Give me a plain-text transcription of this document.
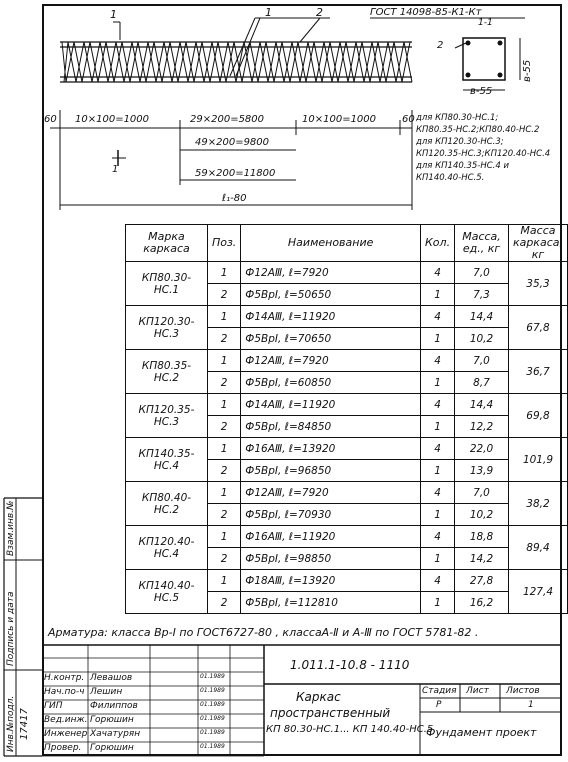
1	1	2	ГОСТ 14098-85-К1-Кт
1-1
2
в-55
в-55
60 10×100=1000	29×200=5800	10×100=1000	60
49×200=9800
59×200=11800
ℓ₁-80
1
для КП80.30-НС.1;
КП80.35-НС.2;КП80.40-НС.2
для КП120.30-НС.3;
КП120.35-НС.3;КП120.40-НС.4
для КП140.35-НС.4 и
КП140.40-НС.5.
Марка каркаса	Поз.	Наименование	Кол.	Масса, ед., кг	Масса каркаса, кг
КП80.30-НС.1	1	Ф12АⅢ, ℓ=7920	4	7,0	35,3
	2	Ф5ВрⅠ, ℓ=50650	1	7,3	
КП120.30-НС.3	1	Ф14АⅢ, ℓ=11920	4	14,4	67,8
	2	Ф5ВрⅠ, ℓ=70650	1	10,2	
КП80.35-НС.2	1	Ф12АⅢ, ℓ=7920	4	7,0	36,7
	2	Ф5ВрⅠ, ℓ=60850	1	8,7	
КП120.35-НС.3	1	Ф14АⅢ, ℓ=11920	4	14,4	69,8
	2	Ф5ВрⅠ, ℓ=84850	1	12,2	
КП140.35-НС.4	1	Ф16АⅢ, ℓ=13920	4	22,0	101,9
	2	Ф5ВрⅠ, ℓ=96850	1	13,9	
КП80.40-НС.2	1	Ф12АⅢ, ℓ=7920	4	7,0	38,2
	2	Ф5ВрⅠ, ℓ=70930	1	10,2	
КП120.40-НС.4	1	Ф16АⅢ, ℓ=11920	4	18,8	89,4
	2	Ф5ВрⅠ, ℓ=98850	1	14,2	
КП140.40-НС.5	1	Ф18АⅢ, ℓ=13920	4	27,8	127,4
	2	Ф5ВрⅠ, ℓ=112810	1	16,2	
Арматура: класса Вр-Ⅰ по ГОСТ6727-80 , классаА-Ⅱ и А-Ⅲ по ГОСТ 5781-82 .
1.011.1-10.8 - 1110
Каркас
пространственный
КП 80.30-НС.1... КП 140.40-НС.5
Стадия Лист Листов
Р	1
Фундамент проект
Н.контр. Левашов	01.1989
Нач.по-ч Лешин	01.1989
ГИП	Филиппов	01.1989
Вед.инж. Горюшин	01.1989
Инженер Хачатурян	01.1989
Провер. Горюшин	01.1989
Взам.инв.№
Подпись и дата
Инв.№подл. 17417
